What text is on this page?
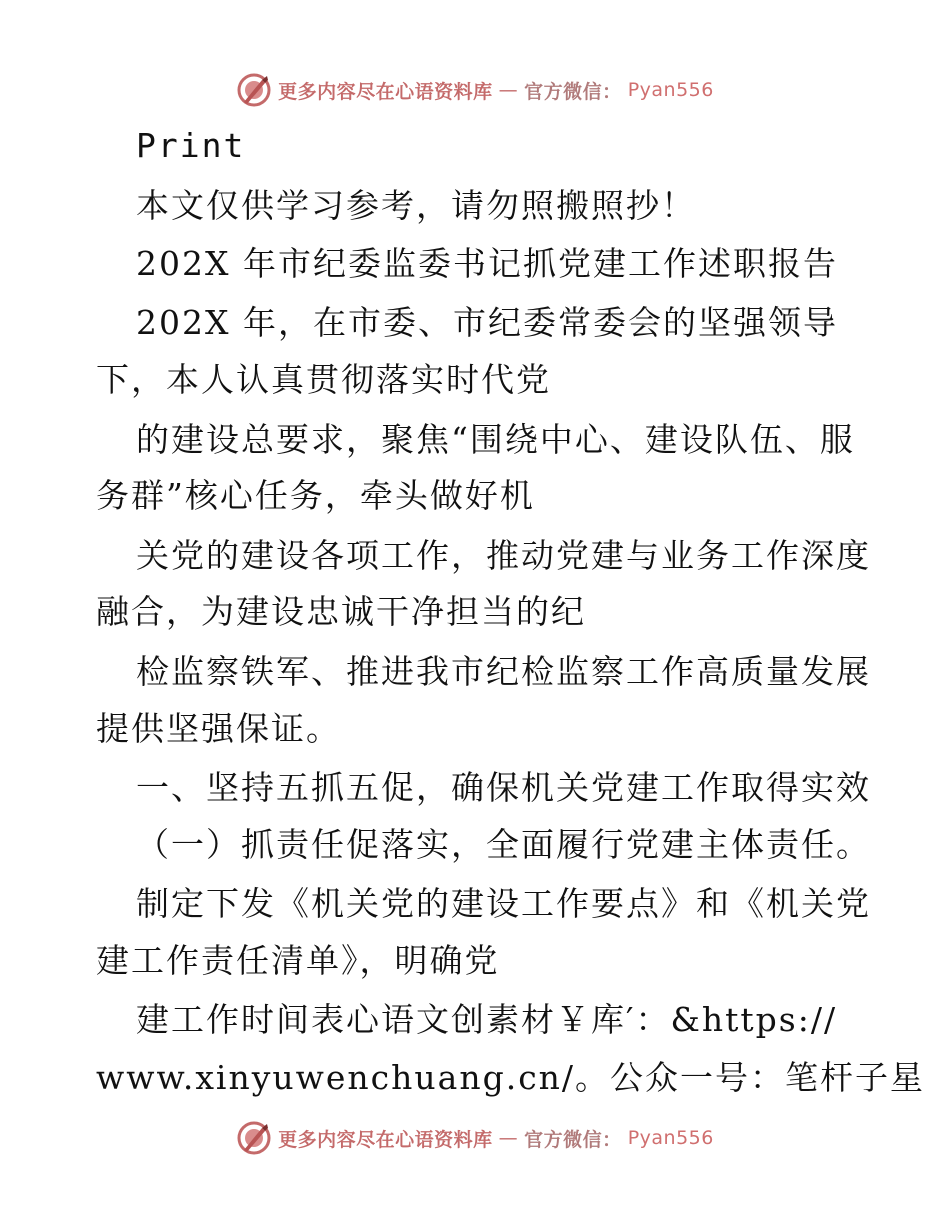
更多内容尽在心语资料库 — 官方微信： Pyan556
Print
本文仅供学习参考，请勿照搬照抄！
202X 年市纪委监委书记抓党建工作述职报告
202X 年，在市委、市纪委常委会的坚强领导
下，本人认真贯彻落实时代党
的建设总要求，聚焦“围绕中心、建设队伍、服
务群”核心任务，牵头做好机
关党的建设各项工作，推动党建与业务工作深度
融合，为建设忠诚干净担当的纪
检监察铁军、推进我市纪检监察工作高质量发展
提供坚强保证。
一、坚持五抓五促，确保机关党建工作取得实效
（一）抓责任促落实，全面履行党建主体责任。
制定下发《机关党的建设工作要点》和《机关党
建工作责任清单》，明确党
建工作时间表心语文创素材￥库′：&https://
www.xinyuwenchuang.cn/。公众一号：笔杆子星
更多内容尽在心语资料库 — 官方微信： Pyan556
